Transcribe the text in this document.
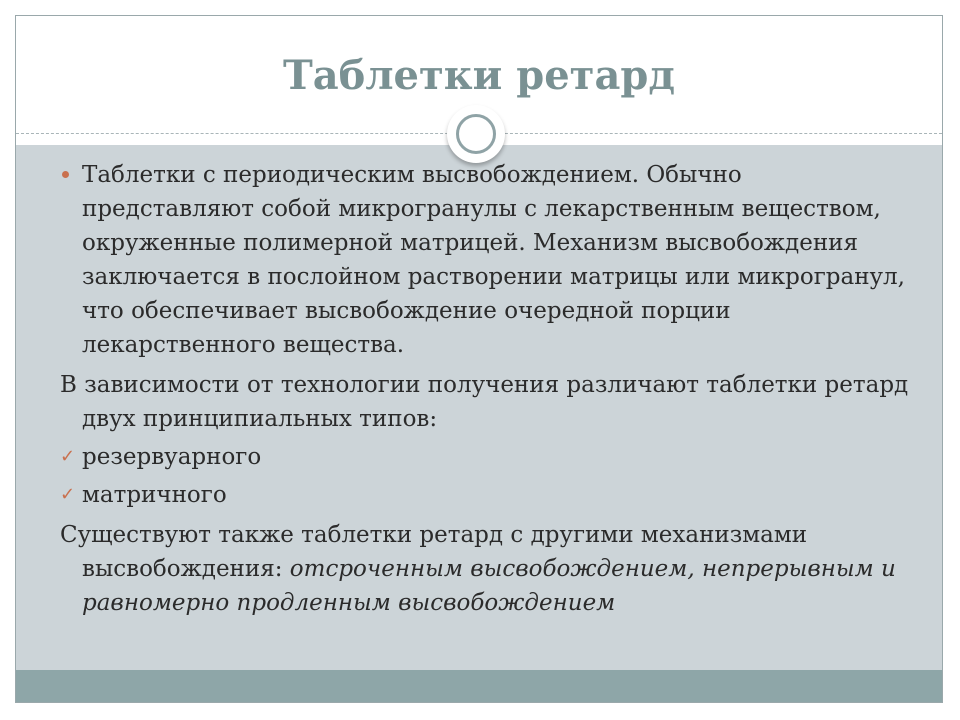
Таблетки ретард

Таблетки с периодическим высвобождением. Обычно представляют собой микрогранулы с лекарственным веществом, окруженные полимерной матрицей. Механизм высвобождения заключается в послойном растворении матрицы или микрогранул, что обеспечивает высвобождение очередной порции лекарственного вещества.

В зависимости от технологии получения различают таблетки ретард двух принципиальных типов:

✓ резервуарного

✓ матричного

Существуют также таблетки ретард с другими механизмами высвобождения: отсроченным высвобождением, непрерывным и равномерно продленным высвобождением
